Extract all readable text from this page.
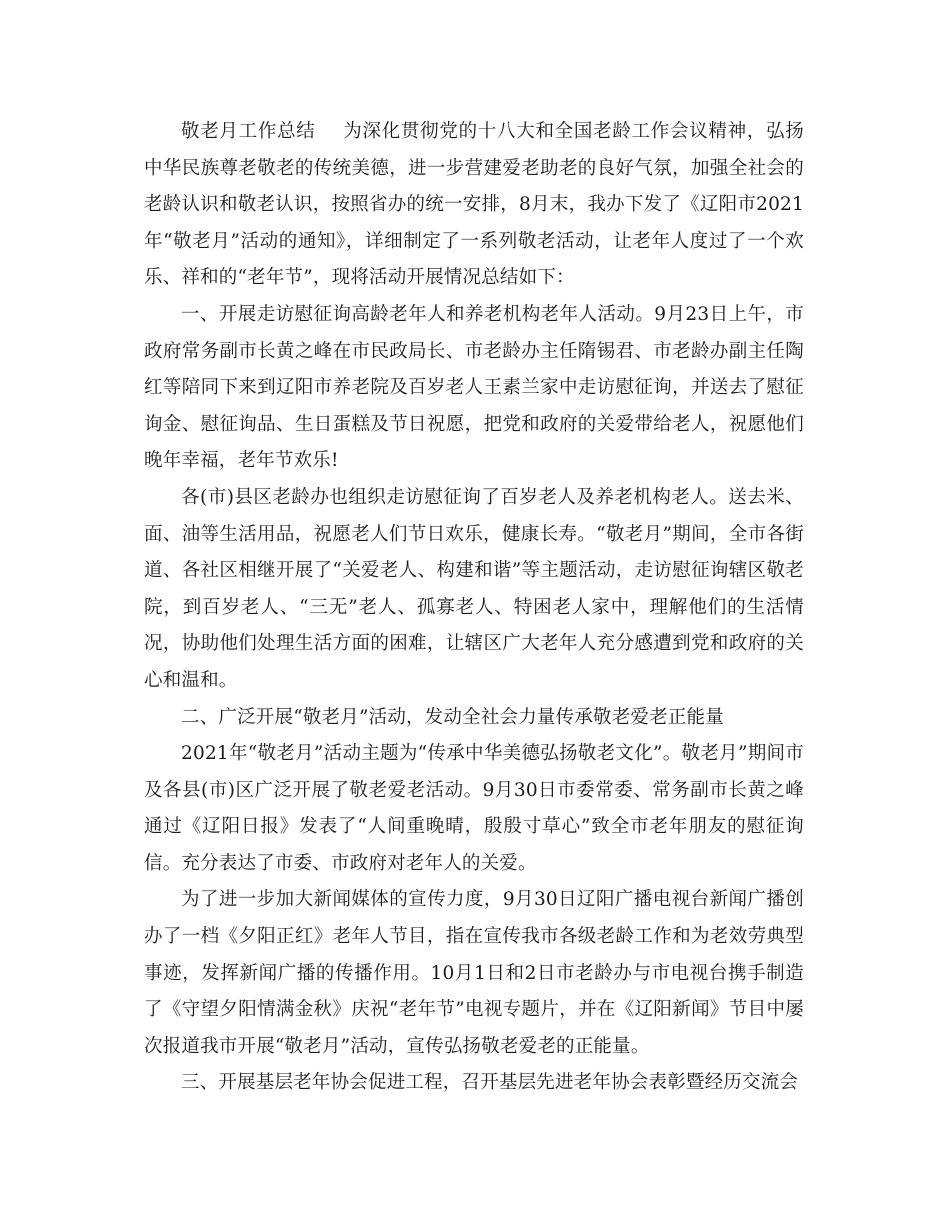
敬老月工作总结 为深化贯彻党的十八大和全国老龄工作会议精神，弘扬中华民族尊老敬老的传统美德，进一步营建爱老助老的良好气氛，加强全社会的老龄认识和敬老认识，按照省办的统一安排，8月末，我办下发了《辽阳市2021年“敬老月”活动的通知》，详细制定了一系列敬老活动，让老年人度过了一个欢乐、祥和的“老年节”，现将活动开展情况总结如下：

一、开展走访慰征询高龄老年人和养老机构老年人活动。9月23日上午，市政府常务副市长黄之峰在市民政局长、市老龄办主任隋锡君、市老龄办副主任陶红等陪同下来到辽阳市养老院及百岁老人王素兰家中走访慰征询，并送去了慰征询金、慰征询品、生日蛋糕及节日祝愿，把党和政府的关爱带给老人，祝愿他们晚年幸福，老年节欢乐!

各(市)县区老龄办也组织走访慰征询了百岁老人及养老机构老人。送去米、面、油等生活用品，祝愿老人们节日欢乐，健康长寿。“敬老月”期间，全市各街道、各社区相继开展了“关爱老人、构建和谐”等主题活动，走访慰征询辖区敬老院，到百岁老人、“三无”老人、孤寡老人、特困老人家中，理解他们的生活情况，协助他们处理生活方面的困难，让辖区广大老年人充分感遭到党和政府的关心和温和。

二、广泛开展“敬老月”活动，发动全社会力量传承敬老爱老正能量

2021年“敬老月”活动主题为“传承中华美德弘扬敬老文化”。敬老月”期间市及各县(市)区广泛开展了敬老爱老活动。9月30日市委常委、常务副市长黄之峰通过《辽阳日报》发表了“人间重晚晴，殷殷寸草心”致全市老年朋友的慰征询信。充分表达了市委、市政府对老年人的关爱。

为了进一步加大新闻媒体的宣传力度，9月30日辽阳广播电视台新闻广播创办了一档《夕阳正红》老年人节目，指在宣传我市各级老龄工作和为老效劳典型事迹，发挥新闻广播的传播作用。10月1日和2日市老龄办与市电视台携手制造了《守望夕阳情满金秋》庆祝“老年节”电视专题片，并在《辽阳新闻》节目中屡次报道我市开展“敬老月”活动，宣传弘扬敬老爱老的正能量。

三、开展基层老年协会促进工程，召开基层先进老年协会表彰暨经历交流会
